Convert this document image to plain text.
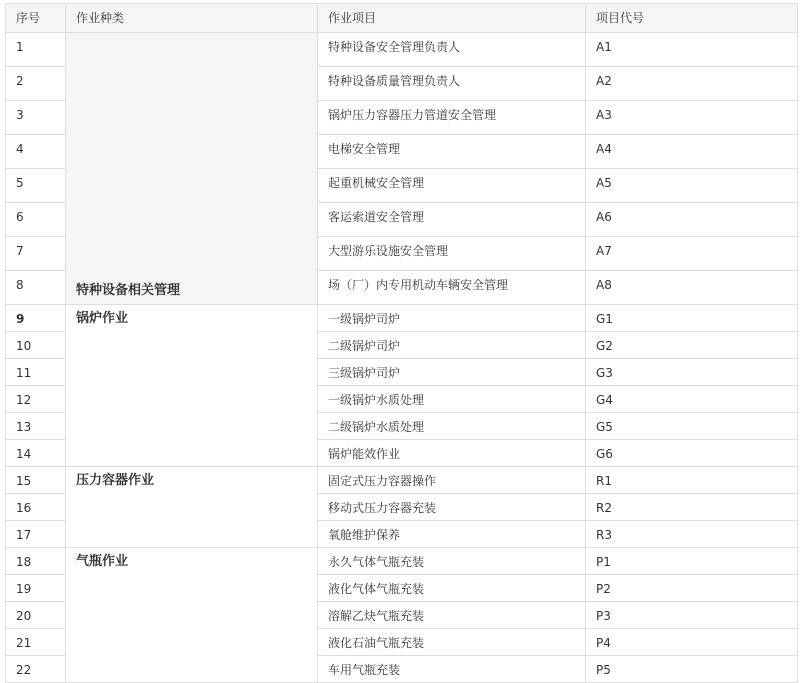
序号	作业种类	作业项目	项目代号
1	特种设备相关管理	特种设备安全管理负责人	A1
2		特种设备质量管理负责人	A2
3		锅炉压力容器压力管道安全管理	A3
4		电梯安全管理	A4
5		起重机械安全管理	A5
6		客运索道安全管理	A6
7		大型游乐设施安全管理	A7
8		场（厂）内专用机动车辆安全管理	A8
9	锅炉作业	一级锅炉司炉	G1
10		二级锅炉司炉	G2
11		三级锅炉司炉	G3
12		一级锅炉水质处理	G4
13		二级锅炉水质处理	G5
14		锅炉能效作业	G6
15	压力容器作业	固定式压力容器操作	R1
16		移动式压力容器充装	R2
17		氧舱维护保养	R3
18	气瓶作业	永久气体气瓶充装	P1
19		液化气体气瓶充装	P2
20		溶解乙炔气瓶充装	P3
21		液化石油气瓶充装	P4
22		车用气瓶充装	P5
